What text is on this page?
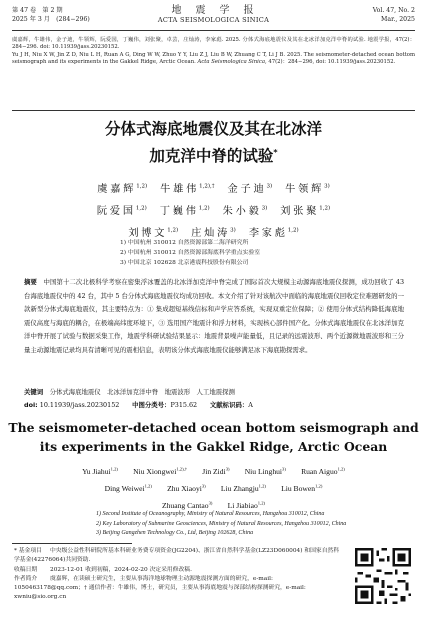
第 47 卷　第 2 期
2025 年 3 月　(284−296)
地　震　学　报
ACTA SEISMOLOGICA SINICA
Vol. 47, No. 2
Mar., 2025
虞嘉辉，牛雄伟，金子迪，牛领辉，阮爱国，丁巍伟，刘张聚，卓芸，庄灿涛，李家彪. 2025. 分体式海底地震仪及其在北冰洋加克洋中脊的试验. 地震学报，47(2)：284−296. doi: 10.11939/jass.20230152.
Yu J H, Niu X W, Jin Z D, Niu L H, Ruan A G, Ding W W, Zhuo Y Y, Liu Z J, Liu B W, Zhuang C T, Li J B. 2025. The seismometer-detached ocean bottom seismograph and its experiments in the Gakkel Ridge, Arctic Ocean. Acta Seismologica Sinica, 47(2)：284−296, doi: 10.11939/jass.20230152.
分体式海底地震仪及其在北冰洋
加克洋中脊的试验*
虞嘉辉$^{1,2)}$　 牛雄伟$^{1,2),\dagger}$　 金子迪$^{3)}$　 牛领辉$^{3)}$
阮爱国$^{1,2)}$　 丁巍伟$^{1,2)}$　 朱小毅$^{3)}$　 刘张聚$^{1,2)}$
刘博文$^{1,2)}$　 庄灿涛$^{3)}$　 李家彪$^{1,2)}$
1) 中国杭州 310012 自然资源部第二海洋研究所
2) 中国杭州 310012 自然资源部海底科学重点实验室
3) 中国北京 102628 北京港震科技股份有限公司
摘要　 中国第十二次北极科学考察在密集浮冰覆盖的北冰洋加克洋中脊完成了国际首次大规模主动源海底地震仪探测，成功回收了 43 台海底地震仪中的 42 台，其中 5 台分体式海底地震仪均成功回收。本文介绍了针对该航次中面临的海底地震仪回收定位难题研发的一款新型分体式海底地震仪，其主要特点为：① 集成超短基线信标和声学应答系统，实现双重定位保障；② 使用分体式结构降低海底地震仪高度与海底的耦合，在极端高纬度环境下，③ 选用国产地震计和浮力材料，实现核心部件国产化。分体式海底地震仪在北冰洋加克洋中脊开展了试验与数据采集工作，地震学科研试验结果显示：地震背景噪声能量低，且记录的远震波形、两个近源微地震波形和三分量主动源地震记录均具有清晰可见的震相信息，表明该分体式海底地震仪能够满足冰下海底勘探需求。
关键词　 分体式海底地震仪　北冰洋加克洋中脊　地震波形　人工地震探测
doi: 10.11939/jass.20230152　　 中图分类号：P315.62　　 文献标识码：A
The seismometer-detached ocean bottom seismograph and
its experiments in the Gakkel Ridge, Arctic Ocean
Yu Jiahui$^{1,2)}$　　 Niu Xiongwei$^{1,2),\dagger}$　　 Jin Zidi$^{3)}$　　 Niu Linghui$^{3)}$　　 Ruan Aiguo$^{1,2)}$
Ding Weiwei$^{1,2)}$　　 Zhu Xiaoyi$^{3)}$　　 Liu Zhangju$^{1,2)}$　　 Liu Bowen$^{1,2)}$
Zhuang Cantao$^{3)}$　　 Li Jiabiao$^{1,2)}$
1) Second Institute of Oceanography, Ministry of Natural Resources, Hangzhou 310012, China
2) Key Laboratory of Submarine Geosciences, Ministry of Natural Resources, Hangzhou 310012, China
3) Beijing Gangzhen Technology Co., Ltd, Beijing 102628, China
* 基金项目 中央级公益性科研院所基本科研业务费专项资金(JG2204)、浙江省自然科学基金(LZ23D060004) 和国家自然科学基金(42276064)共同资助.
收稿日期 2023-12-01 收到初稿，2024-02-20 决定采用修改稿.
作者简介 虞嘉辉，在读硕士研究生，主要从事海洋地球物理主动源地震探测方面的研究，e-mail: 1050463178@qq.com；† 通信作者：牛雄伟，博士，研究员，主要从事海底地震与深部结构探测研究，e-mail: xwniu@sio.org.cn
